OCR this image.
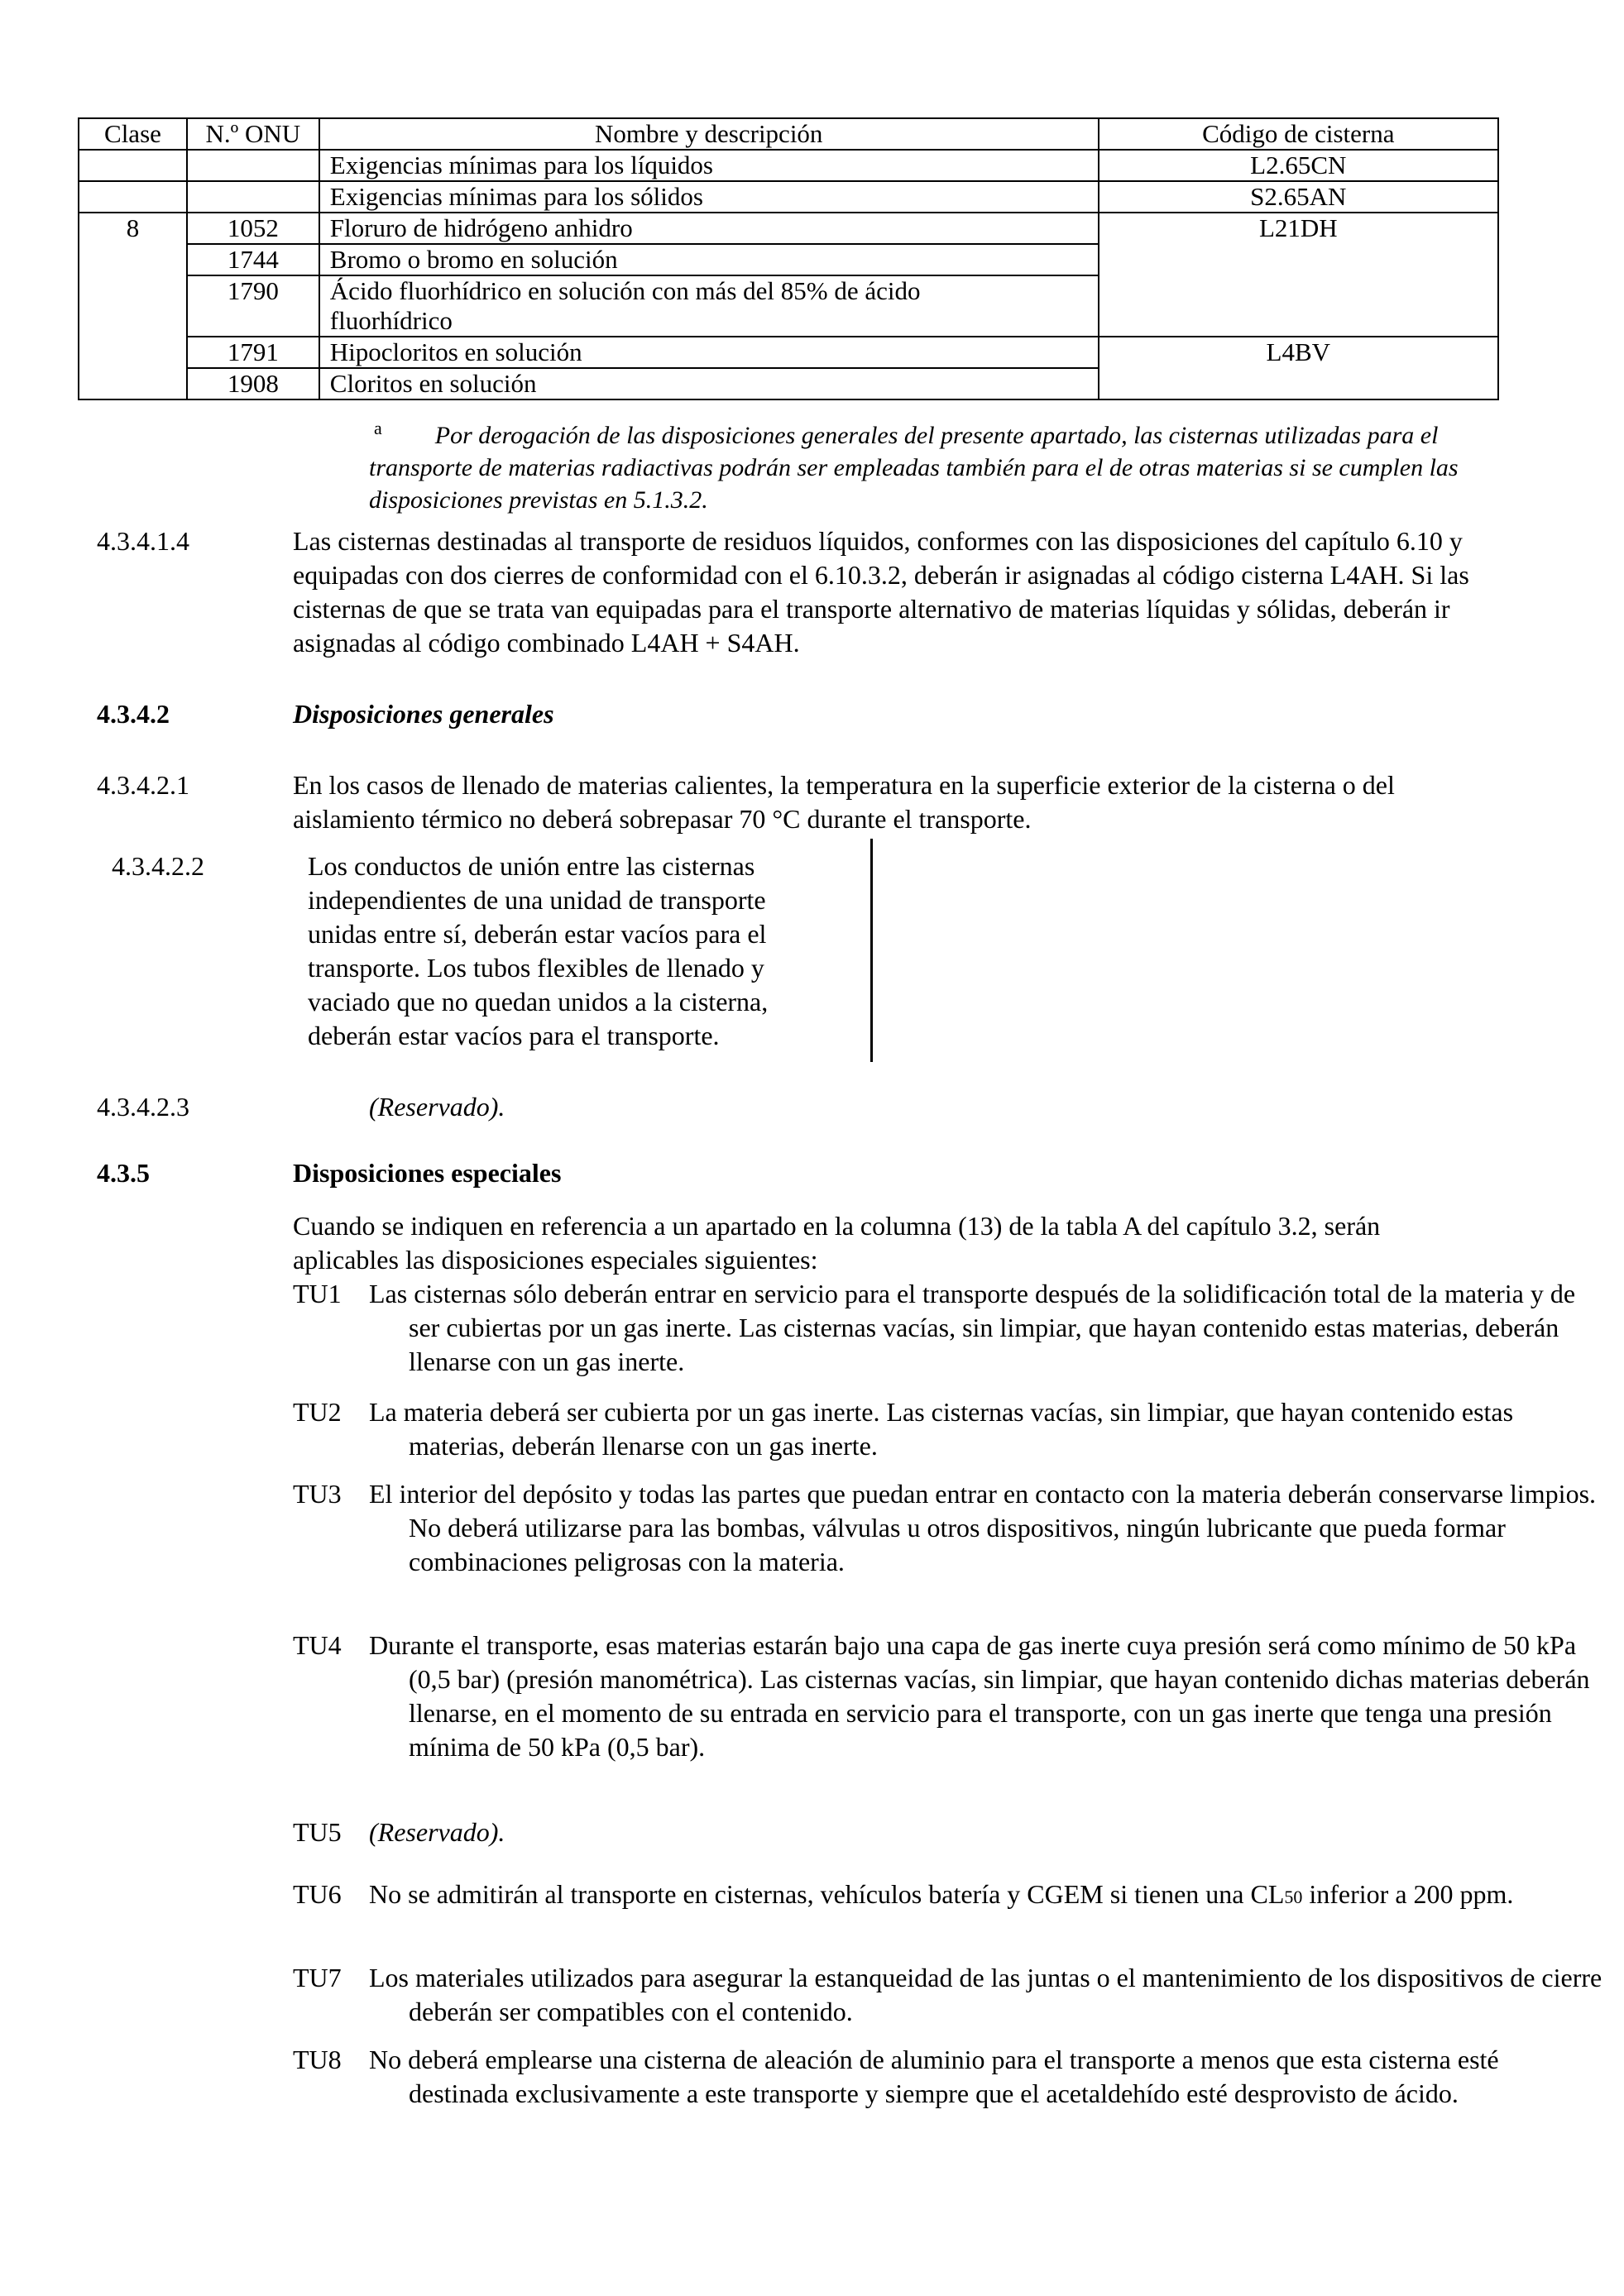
Clase	N.º ONU	Nombre y descripción	Código de cisterna
		Exigencias mínimas para los líquidos	L2.65CN
		Exigencias mínimas para los sólidos	S2.65AN
8	1052	Floruro de hidrógeno anhidro	L21DH
	1744	Bromo o bromo en solución	
	1790	Ácido fluorhídrico en solución con más del 85% de ácido fluorhídrico	
	1791	Hipocloritos en solución	L4BV
	1908	Cloritos en solución	
$^a$ Por derogación de las disposiciones generales del presente apartado, las cisternas utilizadas para el transporte de materias radiactivas podrán ser empleadas también para el de otras materias si se cumplen las disposiciones previstas en 5.1.3.2.
4.3.4.1.4	Las cisternas destinadas al transporte de residuos líquidos, conformes con las disposiciones del capítulo 6.10 y equipadas con dos cierres de conformidad con el 6.10.3.2, deberán ir asignadas al código cisterna L4AH. Si las cisternas de que se trata van equipadas para el transporte alternativo de materias líquidas y sólidas, deberán ir asignadas al código combinado L4AH + S4AH.
4.3.4.2	Disposiciones generales
4.3.4.2.1	En los casos de llenado de materias calientes, la temperatura en la superficie exterior de la cisterna o del aislamiento térmico no deberá sobrepasar 70 °C durante el transporte.
4.3.4.2.2	Los conductos de unión entre las cisternas independientes de una unidad de transporte unidas entre sí, deberán estar vacíos para el transporte. Los tubos flexibles de llenado y vaciado que no quedan unidos a la cisterna, deberán estar vacíos para el transporte.
4.3.4.2.3	(Reservado).
4.3.5	Disposiciones especiales
Cuando se indiquen en referencia a un apartado en la columna (13) de la tabla A del capítulo 3.2, serán aplicables las disposiciones especiales siguientes:
TU1 Las cisternas sólo deberán entrar en servicio para el transporte después de la solidificación total de la materia y de ser cubiertas por un gas inerte. Las cisternas vacías, sin limpiar, que hayan contenido estas materias, deberán llenarse con un gas inerte.
TU2 La materia deberá ser cubierta por un gas inerte. Las cisternas vacías, sin limpiar, que hayan contenido estas materias, deberán llenarse con un gas inerte.
TU3 El interior del depósito y todas las partes que puedan entrar en contacto con la materia deberán conservarse limpios. No deberá utilizarse para las bombas, válvulas u otros dispositivos, ningún lubricante que pueda formar combinaciones peligrosas con la materia.
TU4 Durante el transporte, esas materias estarán bajo una capa de gas inerte cuya presión será como mínimo de 50 kPa (0,5 bar) (presión manométrica). Las cisternas vacías, sin limpiar, que hayan contenido dichas materias deberán llenarse, en el momento de su entrada en servicio para el transporte, con un gas inerte que tenga una presión mínima de 50 kPa (0,5 bar).
TU5 (Reservado).
TU6 No se admitirán al transporte en cisternas, vehículos batería y CGEM si tienen una CL50 inferior a 200 ppm.
TU7 Los materiales utilizados para asegurar la estanqueidad de las juntas o el mantenimiento de los dispositivos de cierre deberán ser compatibles con el contenido.
TU8 No deberá emplearse una cisterna de aleación de aluminio para el transporte a menos que esta cisterna esté destinada exclusivamente a este transporte y siempre que el acetaldehído esté desprovisto de ácido.
